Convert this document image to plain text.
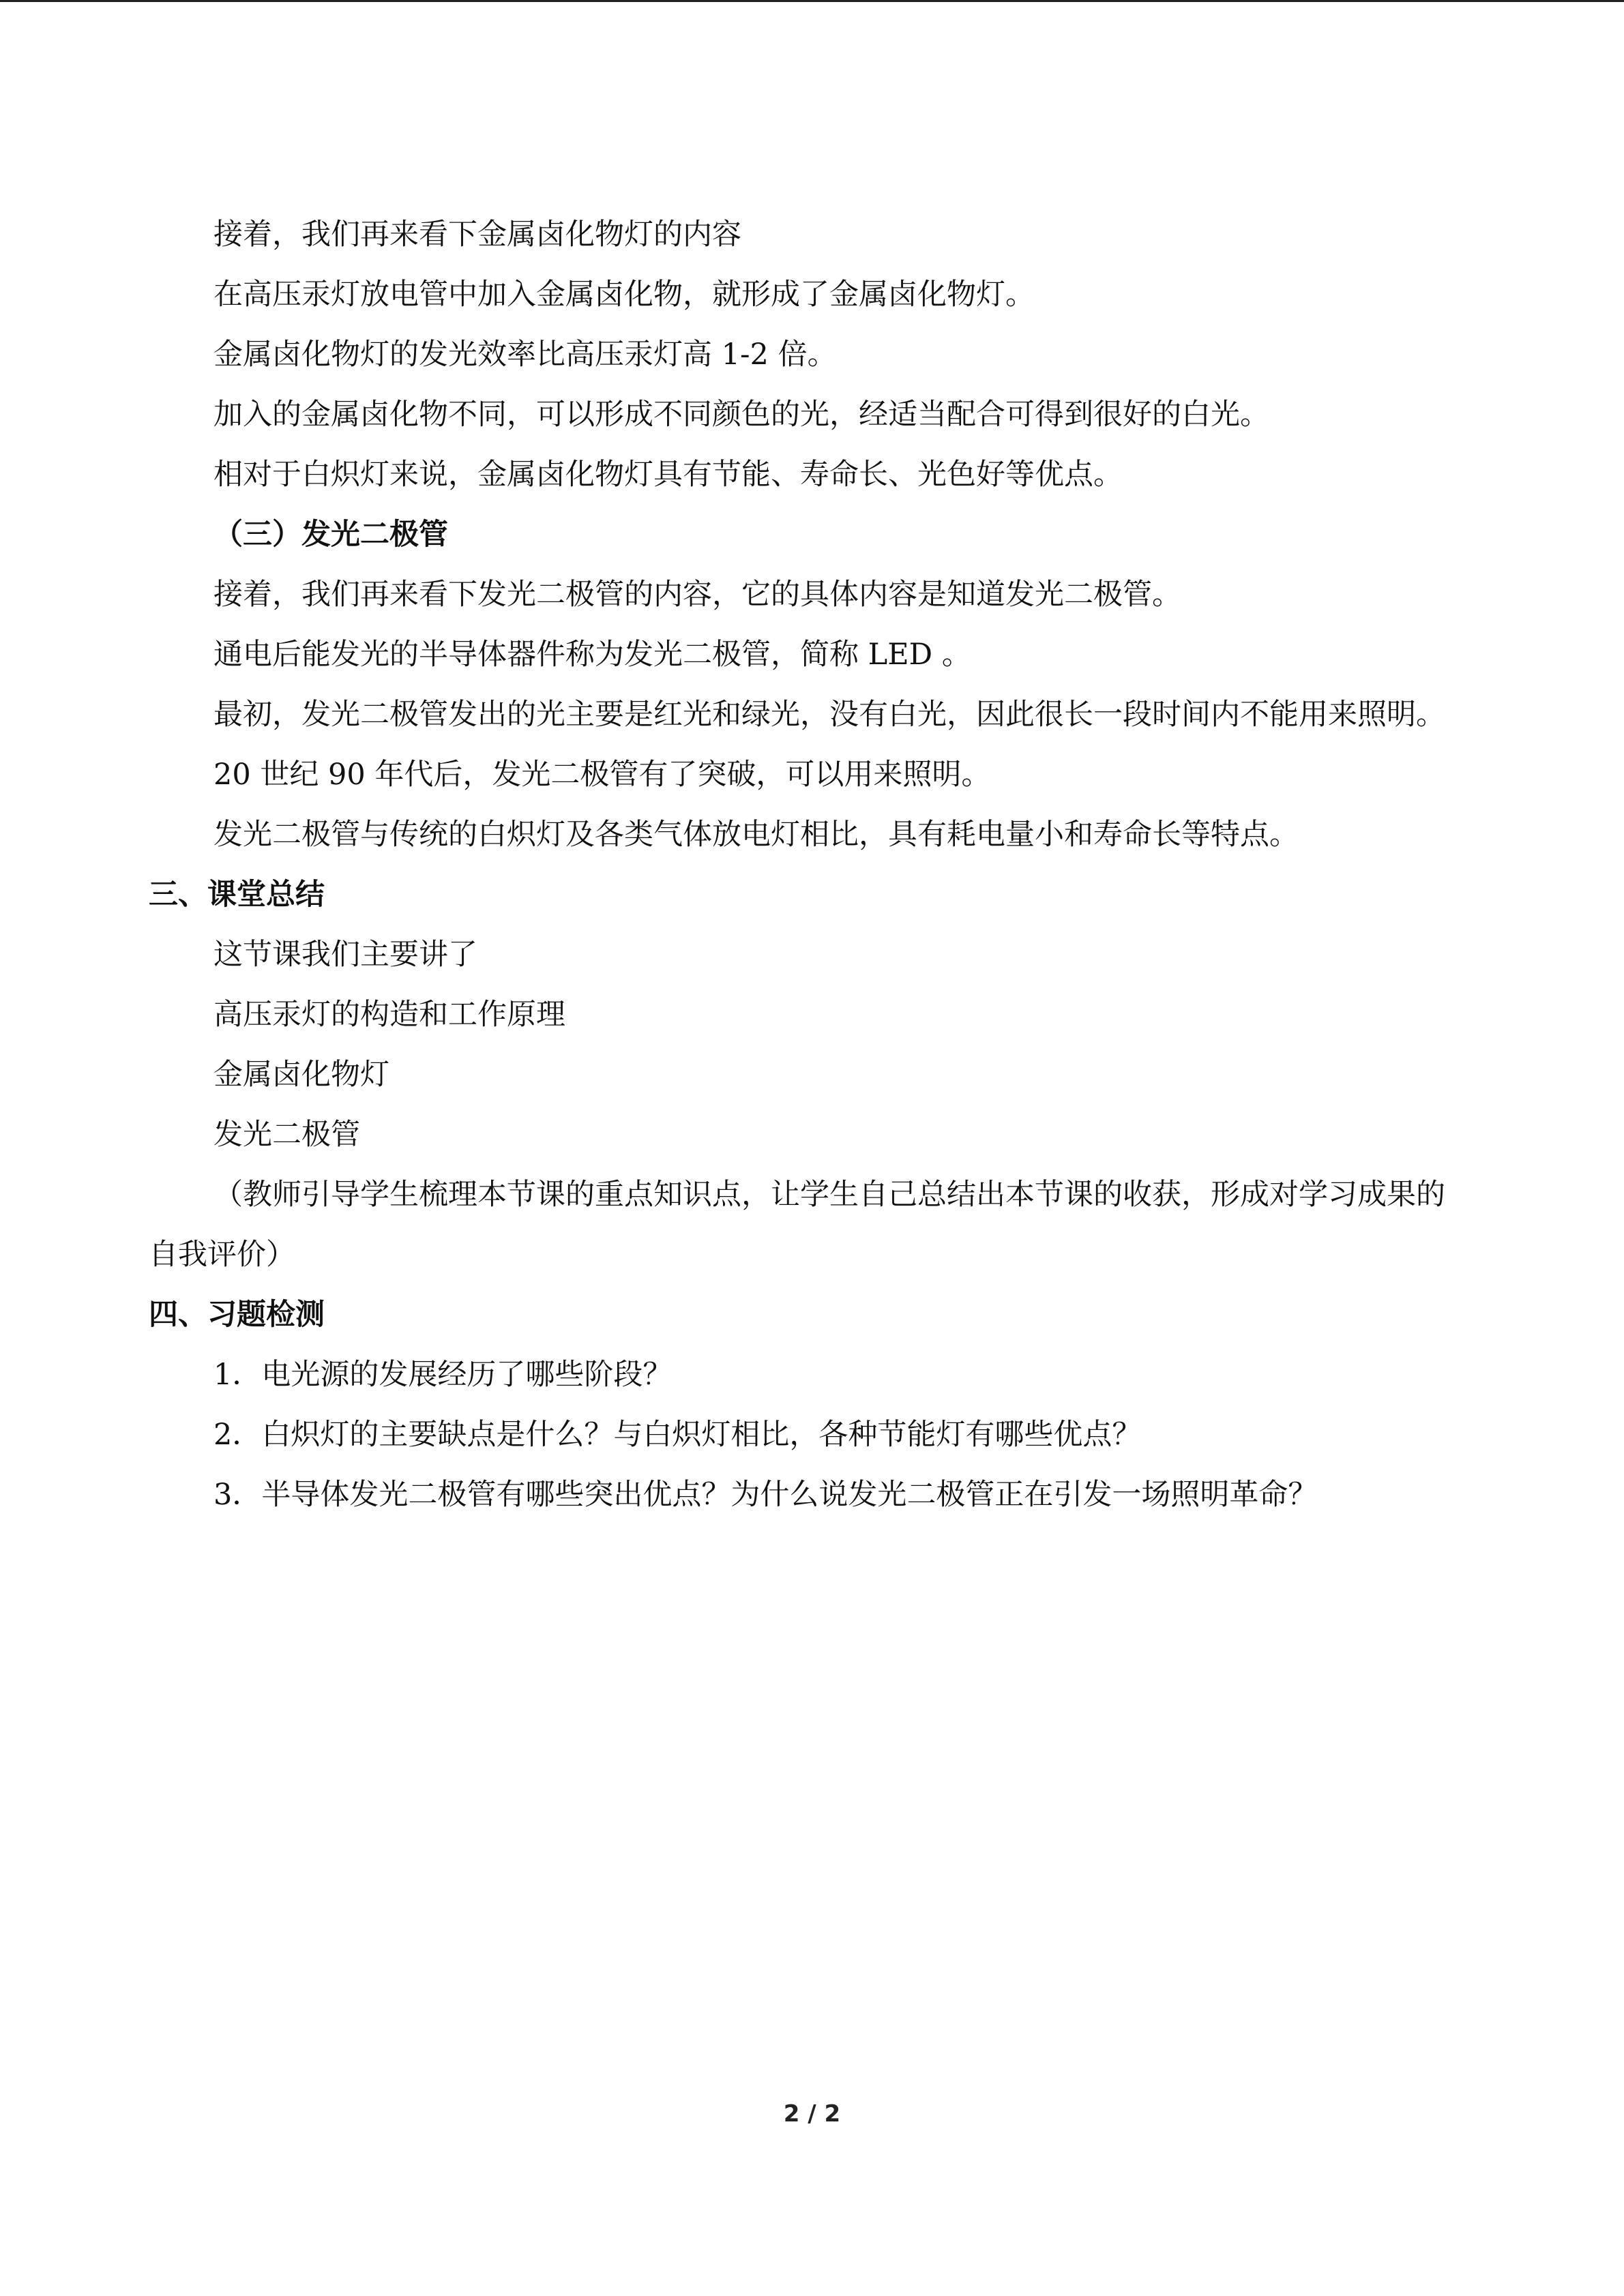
接着，我们再来看下金属卤化物灯的内容

在高压汞灯放电管中加入金属卤化物，就形成了金属卤化物灯。

金属卤化物灯的发光效率比高压汞灯高 1-2 倍。

加入的金属卤化物不同，可以形成不同颜色的光，经适当配合可得到很好的白光。

相对于白炽灯来说，金属卤化物灯具有节能、寿命长、光色好等优点。

（三）发光二极管

接着，我们再来看下发光二极管的内容，它的具体内容是知道发光二极管。

通电后能发光的半导体器件称为发光二极管，简称 LED 。

最初，发光二极管发出的光主要是红光和绿光，没有白光，因此很长一段时间内不能用来照明。

20 世纪 90 年代后，发光二极管有了突破，可以用来照明。

发光二极管与传统的白炽灯及各类气体放电灯相比，具有耗电量小和寿命长等特点。

三、课堂总结

这节课我们主要讲了

高压汞灯的构造和工作原理

金属卤化物灯

发光二极管

（教师引导学生梳理本节课的重点知识点，让学生自己总结出本节课的收获，形成对学习成果的自我评价）

四、习题检测

1．电光源的发展经历了哪些阶段？

2．白炽灯的主要缺点是什么？与白炽灯相比，各种节能灯有哪些优点？

3．半导体发光二极管有哪些突出优点？为什么说发光二极管正在引发一场照明革命？

2 / 2
